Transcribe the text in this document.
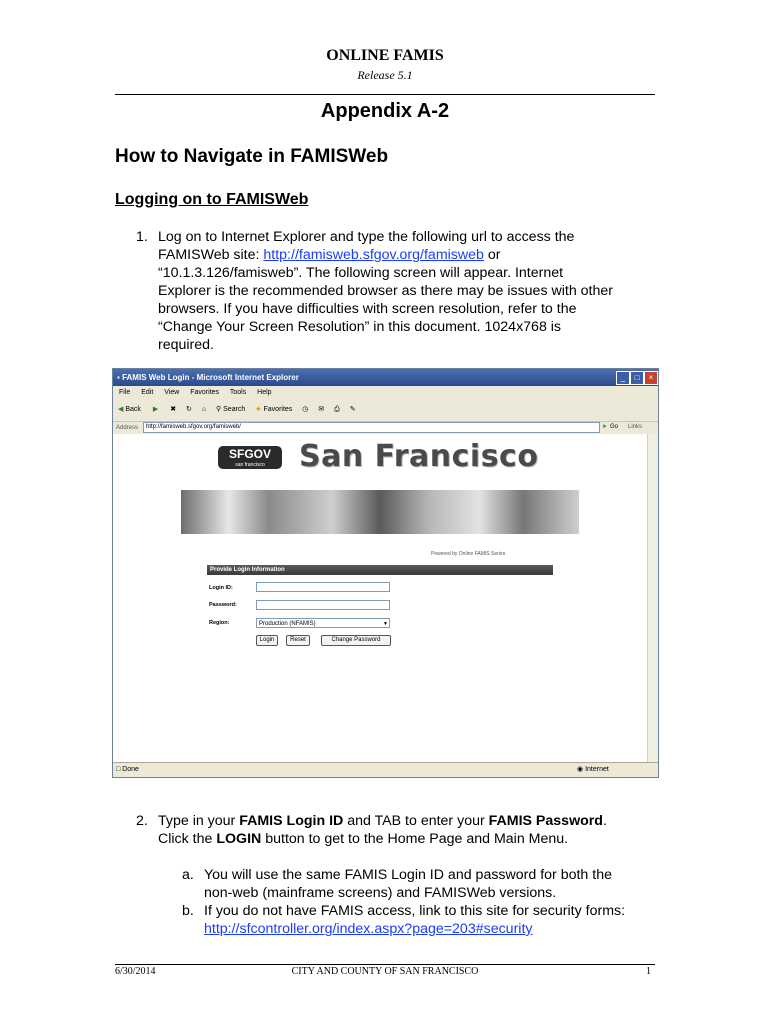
ONLINE FAMIS
Release 5.1
Appendix A-2
How to Navigate in FAMISWeb
Logging on to FAMISWeb
1. Log on to Internet Explorer and type the following url to access the
FAMISWeb site: http://famisweb.sfgov.org/famisweb or
“10.1.3.126/famisweb”. The following screen will appear. Internet
Explorer is the recommended browser as there may be issues with other
browsers. If you have difficulties with screen resolution, refer to the
“Change Your Screen Resolution” in this document. 1024x768 is
required.
▪ FAMIS Web Login - Microsoft Internet Explorer	_	□	×
File Edit View Favorites Tools Help
◀ Back ▶ ✖ ↻ ⌂ ⚲ Search ★ Favorites ◷ ✉ ⎙ ✎
Address	http://famisweb.sfgov.org/famisweb/	➤ Go Links
SFGOV
san francisco	San Francisco
Powered by Online FAMIS Series
Provide Login Information
Login ID:
Password:
Region:	Production (NFAMIS)	▼
Login	Reset	Change Password
□ Done	◉ Internet
2. Type in your FAMIS Login ID and TAB to enter your FAMIS Password.
Click the LOGIN button to get to the Home Page and Main Menu.
a. You will use the same FAMIS Login ID and password for both the
non-web (mainframe screens) and FAMISWeb versions.
b. If you do not have FAMIS access, link to this site for security forms:
http://sfcontroller.org/index.aspx?page=203#security
6/30/2014	CITY AND COUNTY OF SAN FRANCISCO	1
